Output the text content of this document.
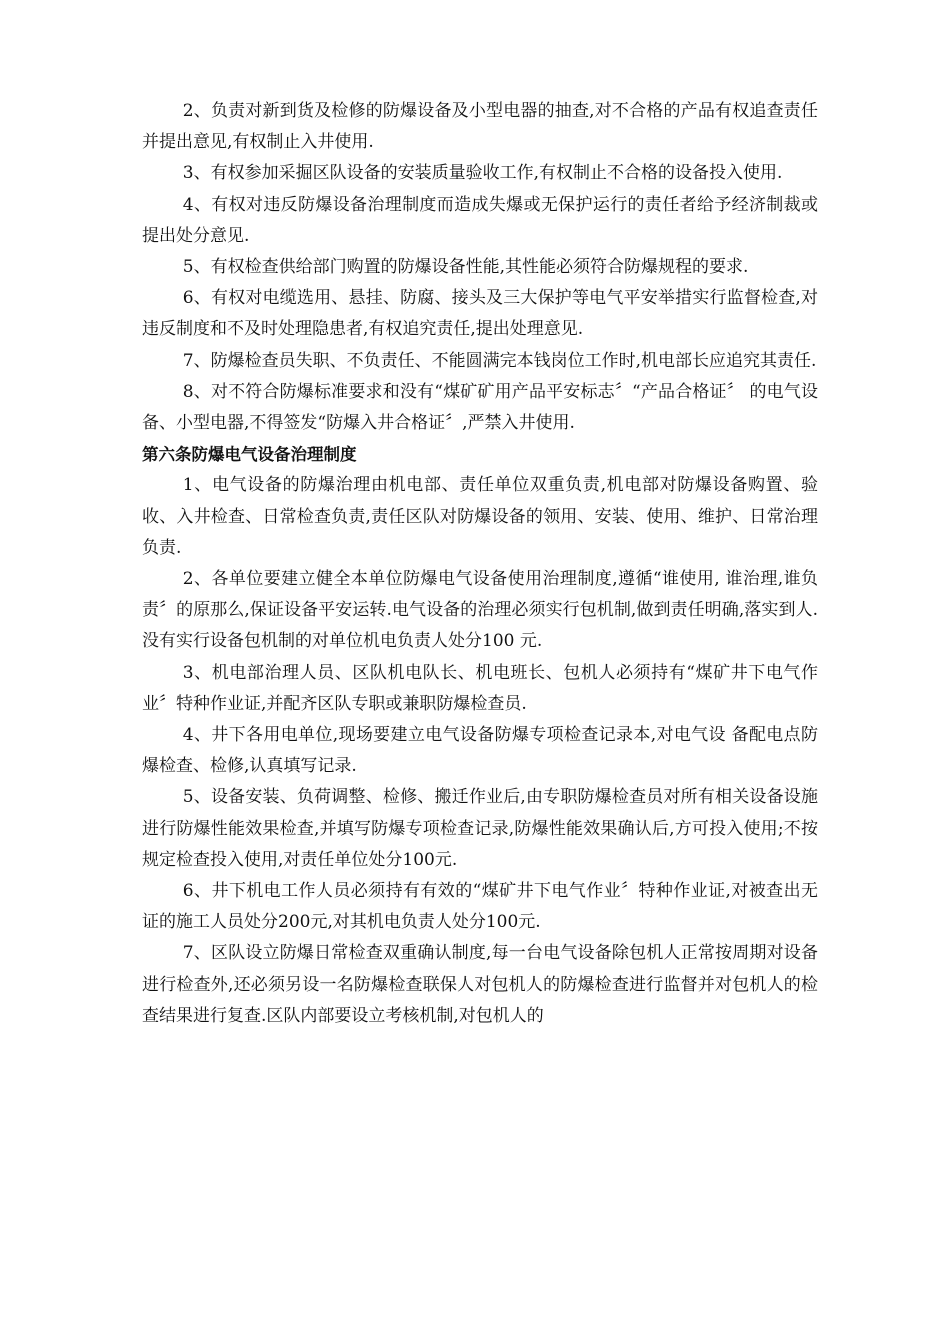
2、负责对新到货及检修的防爆设备及小型电器的抽查,对不合格的产品有权追查责任并提出意见,有权制止入井使用.

3、有权参加采掘区队设备的安装质量验收工作,有权制止不合格的设备投入使用.

4、有权对违反防爆设备治理制度而造成失爆或无保护运行的责任者给予经济制裁或提出处分意见.

5、有权检查供给部门购置的防爆设备性能,其性能必须符合防爆规程的要求.

6、有权对电缆选用、悬挂、防腐、接头及三大保护等电气平安举措实行监督检查,对违反制度和不及时处理隐患者,有权追究责任,提出处理意见.

7、防爆检查员失职、不负责任、不能圆满完本钱岗位工作时,机电部长应追究其责任.

8、对不符合防爆标准要求和没有“煤矿矿用产品平安标志〞“产品合格证〞 的电气设备、小型电器,不得签发“防爆入井合格证〞,严禁入井使用.

第六条防爆电气设备治理制度

1、电气设备的防爆治理由机电部、责任单位双重负责,机电部对防爆设备购置、验收、入井检查、日常检查负责,责任区队对防爆设备的领用、安装、使用、维护、日常治理负责.

2、各单位要建立健全本单位防爆电气设备使用治理制度,遵循“谁使用, 谁治理,谁负责〞的原那么,保证设备平安运转.电气设备的治理必须实行包机制,做到责任明确,落实到人.没有实行设备包机制的对单位机电负责人处分100 元.

3、机电部治理人员、区队机电队长、机电班长、包机人必须持有“煤矿井下电气作业〞特种作业证,并配齐区队专职或兼职防爆检查员.

4、井下各用电单位,现场要建立电气设备防爆专项检查记录本,对电气设 备配电点防爆检查、检修,认真填写记录.

5、设备安装、负荷调整、检修、搬迁作业后,由专职防爆检查员对所有相关设备设施进行防爆性能效果检查,并填写防爆专项检查记录,防爆性能效果确认后,方可投入使用;不按规定检查投入使用,对责任单位处分100元.

6、井下机电工作人员必须持有有效的“煤矿井下电气作业〞特种作业证,对被查出无证的施工人员处分200元,对其机电负责人处分100元.

7、区队设立防爆日常检查双重确认制度,每一台电气设备除包机人正常按周期对设备进行检查外,还必须另设一名防爆检查联保人对包机人的防爆检查进行监督并对包机人的检查结果进行复查.区队内部要设立考核机制,对包机人的
